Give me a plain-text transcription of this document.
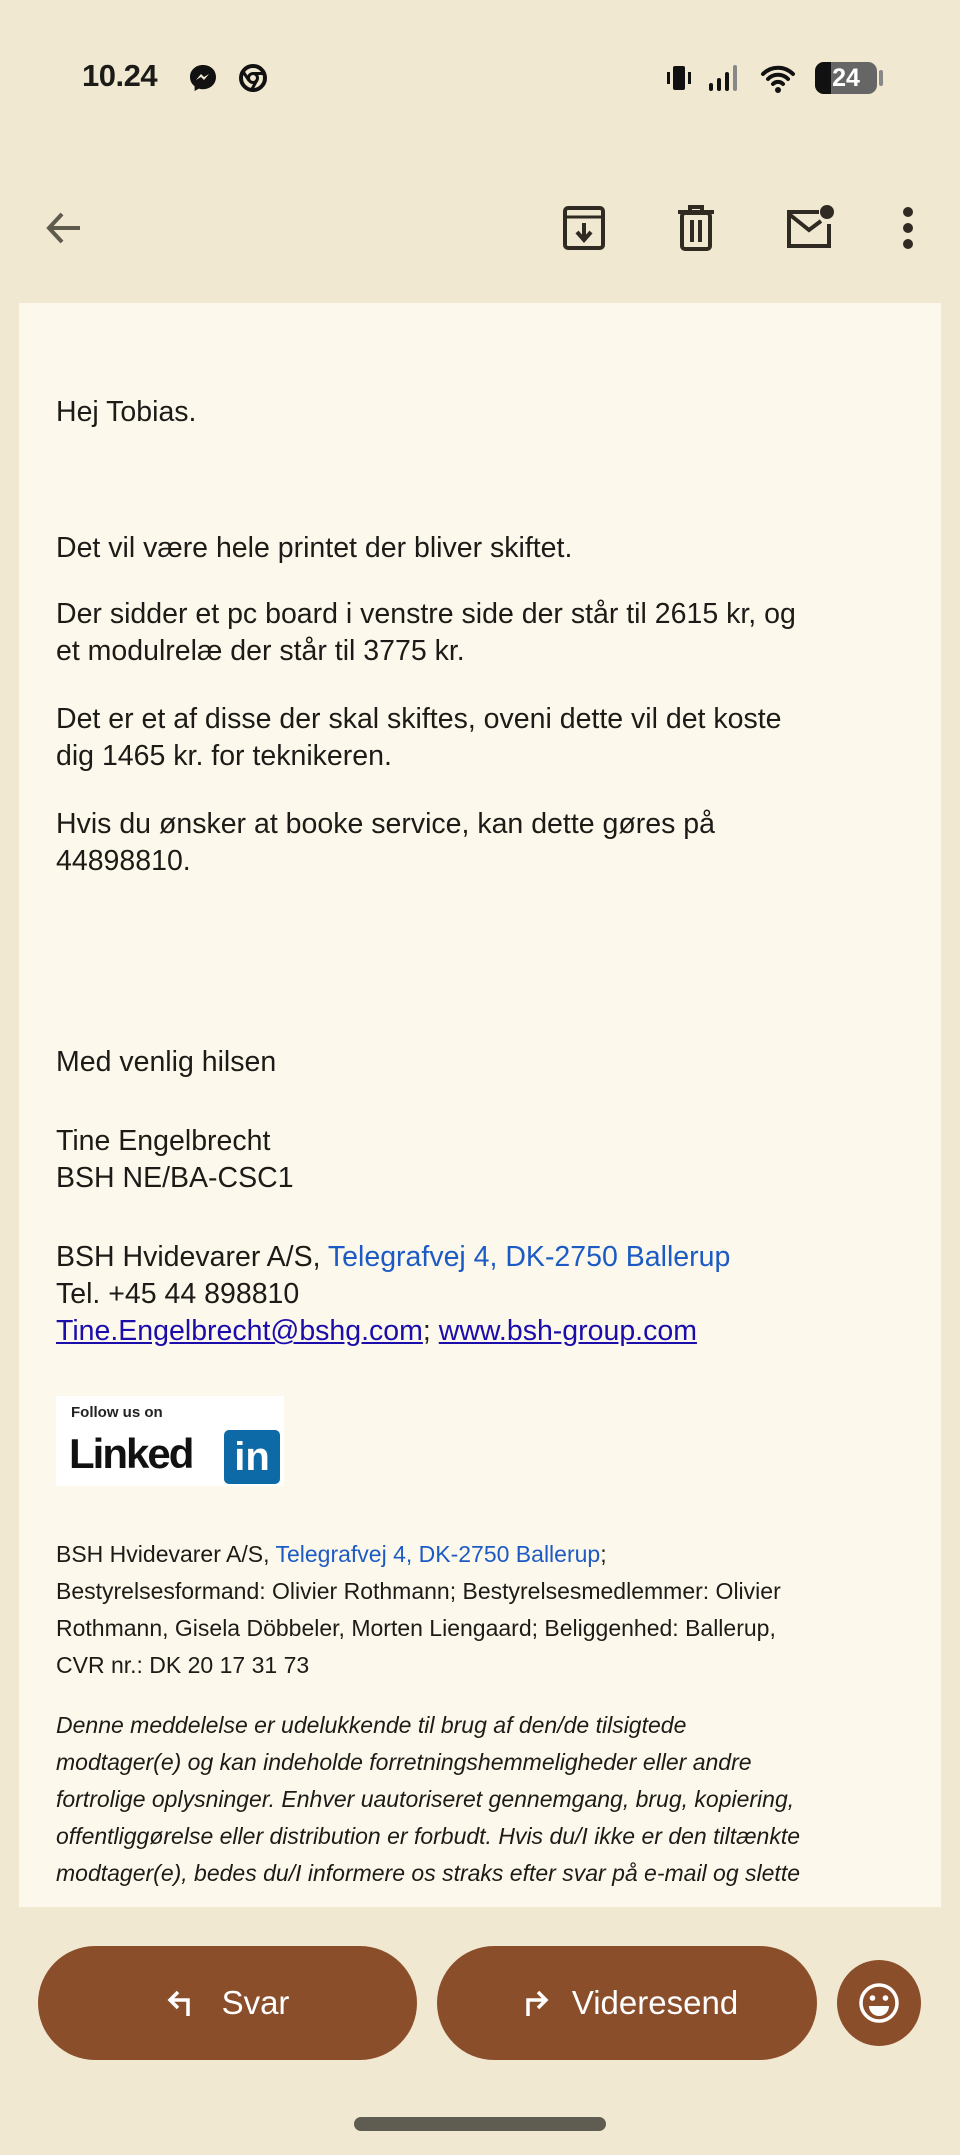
10.24	24
Hej Tobias.
Det vil være hele printet der bliver skiftet.
Der sidder et pc board i venstre side der står til 2615 kr, og
et modulrelæ der står til 3775 kr.
Det er et af disse der skal skiftes, oveni dette vil det koste
dig 1465 kr. for teknikeren.
Hvis du ønsker at booke service, kan dette gøres på
44898810.
Med venlig hilsen
Tine Engelbrecht
BSH NE/BA-CSC1
BSH Hvidevarer A/S, Telegrafvej 4, DK-2750 Ballerup
Tel. +45 44 898810
Tine.Engelbrecht@bshg.com; www.bsh-group.com
Follow us on
Linked in
BSH Hvidevarer A/S, Telegrafvej 4, DK-2750 Ballerup;
Bestyrelsesformand: Olivier Rothmann; Bestyrelsesmedlemmer: Olivier
Rothmann, Gisela Döbbeler, Morten Liengaard; Beliggenhed: Ballerup,
CVR nr.: DK 20 17 31 73
Denne meddelelse er udelukkende til brug af den/de tilsigtede
modtager(e) og kan indeholde forretningshemmeligheder eller andre
fortrolige oplysninger. Enhver uautoriseret gennemgang, brug, kopiering,
offentliggørelse eller distribution er forbudt. Hvis du/I ikke er den tiltænkte
modtager(e), bedes du/I informere os straks efter svar på e-mail og slette
Svar	Videresend
